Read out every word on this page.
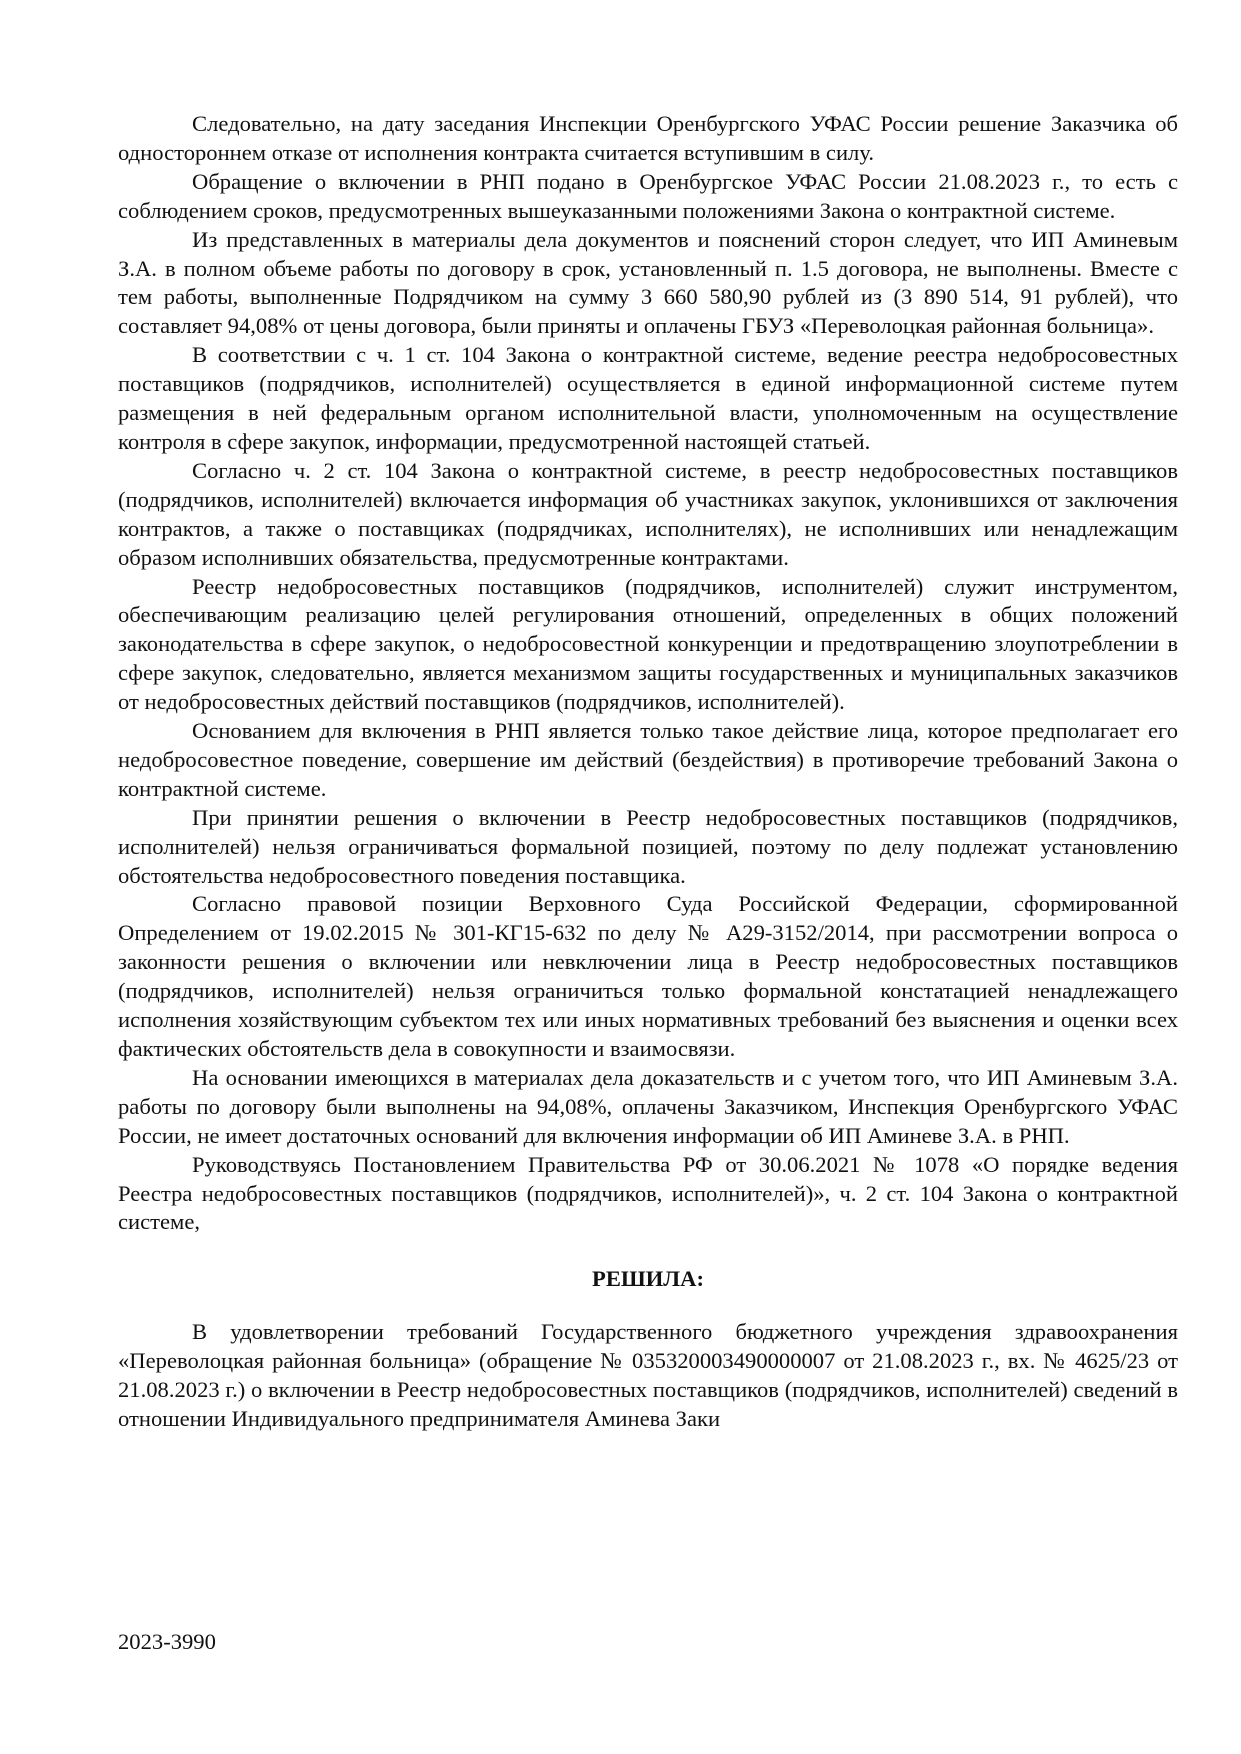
Следовательно, на дату заседания Инспекции Оренбургского УФАС России решение Заказчика об одностороннем отказе от исполнения контракта считается вступившим в силу.

Обращение о включении в РНП подано в Оренбургское УФАС России 21.08.2023 г., то есть с соблюдением сроков, предусмотренных вышеуказанными положениями Закона о контрактной системе.

Из представленных в материалы дела документов и пояснений сторон следует, что ИП Аминевым З.А. в полном объеме работы по договору в срок, установленный п. 1.5 договора, не выполнены. Вместе с тем работы, выполненные Подрядчиком на сумму 3 660 580,90 рублей из (3 890 514, 91 рублей), что составляет 94,08% от цены договора, были приняты и оплачены ГБУЗ «Переволоцкая районная больница».

В соответствии с ч. 1 ст. 104 Закона о контрактной системе, ведение реестра недобросовестных поставщиков (подрядчиков, исполнителей) осуществляется в единой информационной системе путем размещения в ней федеральным органом исполнительной власти, уполномоченным на осуществление контроля в сфере закупок, информации, предусмотренной настоящей статьей.

Согласно ч. 2 ст. 104 Закона о контрактной системе, в реестр недобросовестных поставщиков (подрядчиков, исполнителей) включается информация об участниках закупок, уклонившихся от заключения контрактов, а также о поставщиках (подрядчиках, исполнителях), не исполнивших или ненадлежащим образом исполнивших обязательства, предусмотренные контрактами.

Реестр недобросовестных поставщиков (подрядчиков, исполнителей) служит инструментом, обеспечивающим реализацию целей регулирования отношений, определенных в общих положений законодательства в сфере закупок, о недобросовестной конкуренции и предотвращению злоупотреблении в сфере закупок, следовательно, является механизмом защиты государственных и муниципальных заказчиков от недобросовестных действий поставщиков (подрядчиков, исполнителей).

Основанием для включения в РНП является только такое действие лица, которое предполагает его недобросовестное поведение, совершение им действий (бездействия) в противоречие требований Закона о контрактной системе.

При принятии решения о включении в Реестр недобросовестных поставщиков (подрядчиков, исполнителей) нельзя ограничиваться формальной позицией, поэтому по делу подлежат установлению обстоятельства недобросовестного поведения поставщика.

Согласно правовой позиции Верховного Суда Российской Федерации, сформированной Определением от 19.02.2015 № 301-КГ15-632 по делу № А29-3152/2014, при рассмотрении вопроса о законности решения о включении или невключении лица в Реестр недобросовестных поставщиков (подрядчиков, исполнителей) нельзя ограничиться только формальной констатацией ненадлежащего исполнения хозяйствующим субъектом тех или иных нормативных требований без выяснения и оценки всех фактических обстоятельств дела в совокупности и взаимосвязи.

На основании имеющихся в материалах дела доказательств и с учетом того, что ИП Аминевым З.А. работы по договору были выполнены на 94,08%, оплачены Заказчиком, Инспекция Оренбургского УФАС России, не имеет достаточных оснований для включения информации об ИП Аминеве З.А. в РНП.

Руководствуясь Постановлением Правительства РФ от 30.06.2021 № 1078 «О порядке ведения Реестра недобросовестных поставщиков (подрядчиков, исполнителей)», ч. 2 ст. 104 Закона о контрактной системе,

РЕШИЛА:

В удовлетворении требований Государственного бюджетного учреждения здравоохранения «Переволоцкая районная больница» (обращение № 035320003490000007 от 21.08.2023 г., вх. № 4625/23 от 21.08.2023 г.) о включении в Реестр недобросовестных поставщиков (подрядчиков, исполнителей) сведений в отношении Индивидуального предпринимателя Аминева Заки

2023-3990
